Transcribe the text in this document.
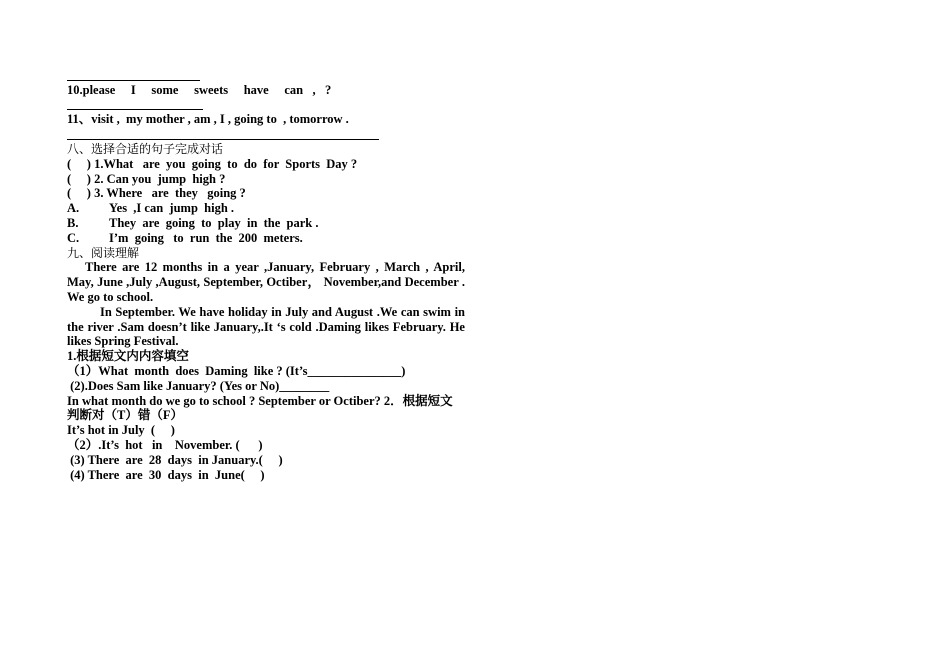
10.please     I     some     sweets     have     can   ,   ?
11、visit ,  my mother , am , I , going to  , tomorrow .
八、选择合适的句子完成对话
(     ) 1.What   are  you  going  to  do  for  Sports  Day ?
(     ) 2. Can you  jump  high ?
(     ) 3. Where   are  they   going ?
A.	Yes  ,I can  jump  high .
B.	They  are  going  to  play  in  the  park .
C.	I’m  going   to  run  the  200  meters.
九、阅读理解
There are 12 months in a year ,January, February , March , April, May, June ,July ,August, September, Octiber， November,and December . We go to school.
In September. We have holiday in July and August .We can swim in the river .Sam doesn’t like January,.It ‘s cold .Daming likes February. He likes Spring Festival.
1.根据短文内内容填空
（1）What  month  does  Daming  like ? (It’s_______________)
(2).Does Sam like January? (Yes or No)________
In what month do we go to school ? September or Octiber? 2．根据短文判断对（T）错（F）
It’s hot in July  (     )
（2）.It’s  hot   in    November. (      )
(3) There  are  28  days  in January.(     )
(4) There  are  30  days  in  June(     )
